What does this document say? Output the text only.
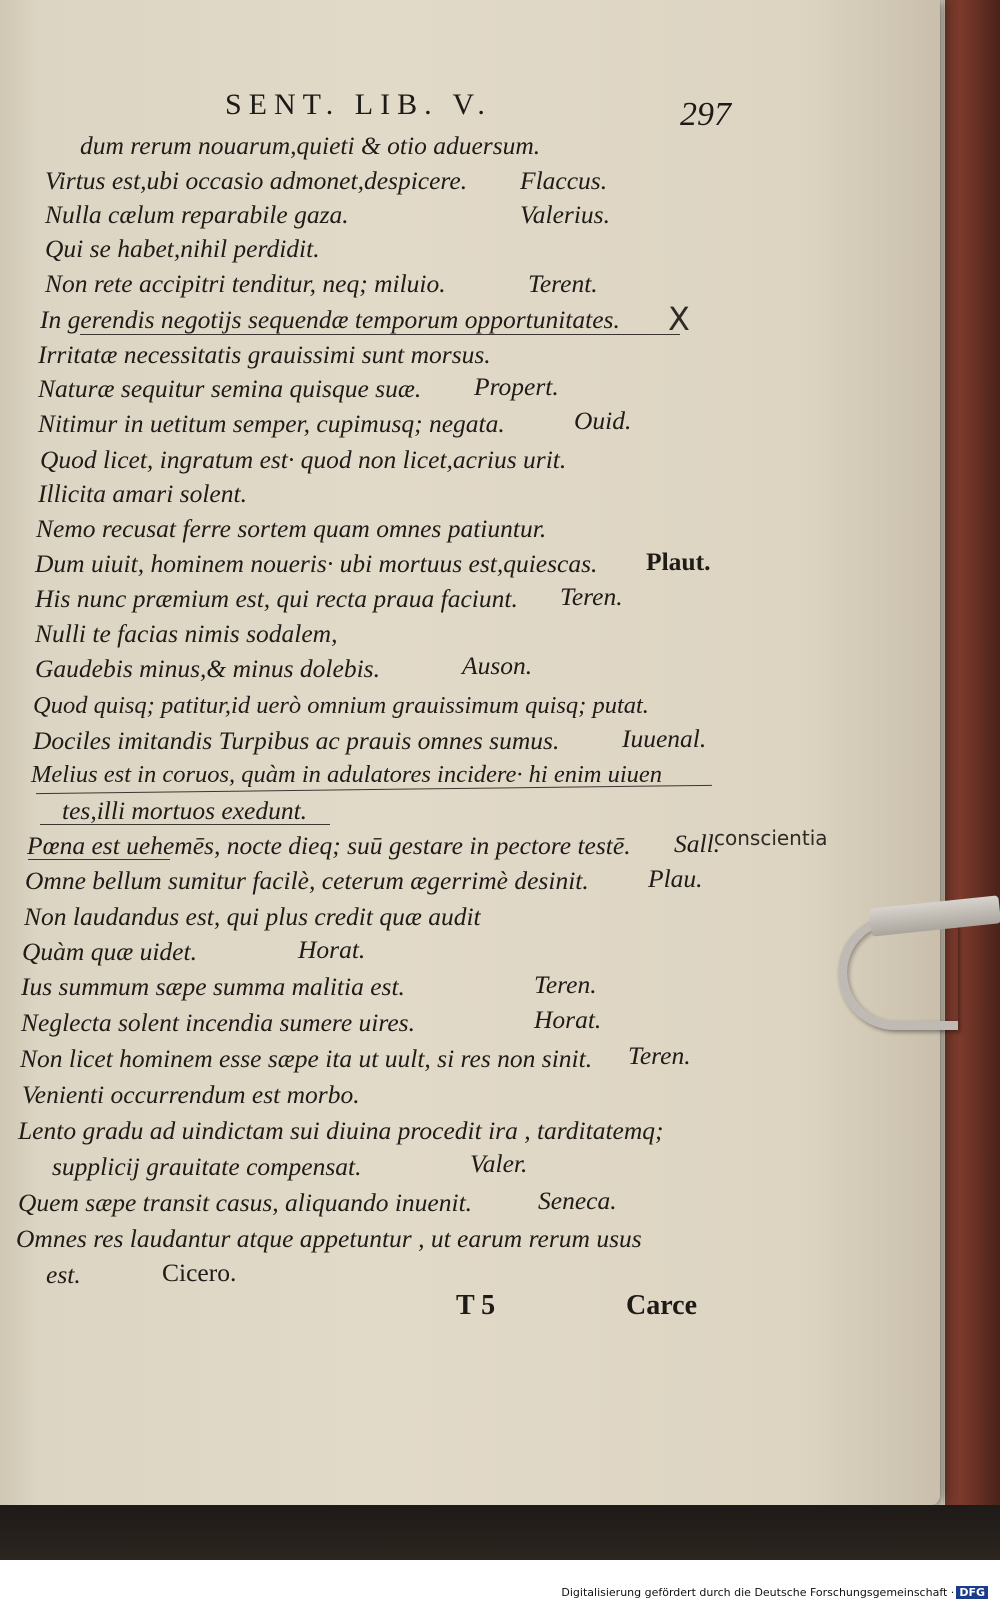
SENT. LIB. V.	297
dum rerum nouarum,quieti & otio aduersum.
Virtus est,ubi occasio admonet,despicere. Flaccus.
Nulla cælum reparabile gaza.	Valerius.
Qui se habet,nihil perdidit.
Non rete accipitri tenditur, neq; miluio.	Terent.
In gerendis negotijs sequendæ temporum opportunitates. X
Irritatæ necessitatis grauissimi sunt morsus.
Naturæ sequitur semina quisque suæ. Propert.
Nitimur in uetitum semper, cupimusq; negata.	Ouid.
Quod licet, ingratum est· quod non licet,acrius urit.
Illicita amari solent.
Nemo recusat ferre sortem quam omnes patiuntur.
Dum uiuit, hominem noueris· ubi mortuus est,quiescas. Plaut.
His nunc præmium est, qui recta praua faciunt. Teren.
Nulli te facias nimis sodalem,
Gaudebis minus,& minus dolebis.	Auson.
Quod quisq; patitur,id uerò omnium grauissimum quisq; putat.
Dociles imitandis Turpibus ac prauis omnes sumus. Iuuenal.
Melius est in coruos, quàm in adulatores incidere· hi enim uiuen
tes,illi mortuos exedunt.
Pœna est uehemēs, nocte dieq; suū gestare in pectore testē. Sall.
conscientia
Omne bellum sumitur facilè, ceterum ægerrimè desinit. Plau.
Non laudandus est, qui plus credit quæ audit
Quàm quæ uidet.	Horat.
Ius summum sæpe summa malitia est.	Teren.
Neglecta solent incendia sumere uires.	Horat.
Non licet hominem esse sæpe ita ut uult, si res non sinit. Teren.
Venienti occurrendum est morbo.
Lento gradu ad uindictam sui diuina procedit ira , tarditatemq;
supplicij grauitate compensat.	Valer.
Quem sæpe transit casus, aliquando inuenit.	Seneca.
Omnes res laudantur atque appetuntur , ut earum rerum usus
est.	Cicero.
T 5	Carce
Digitalisierung gefördert durch die Deutsche Forschungsgemeinschaft · DFG
